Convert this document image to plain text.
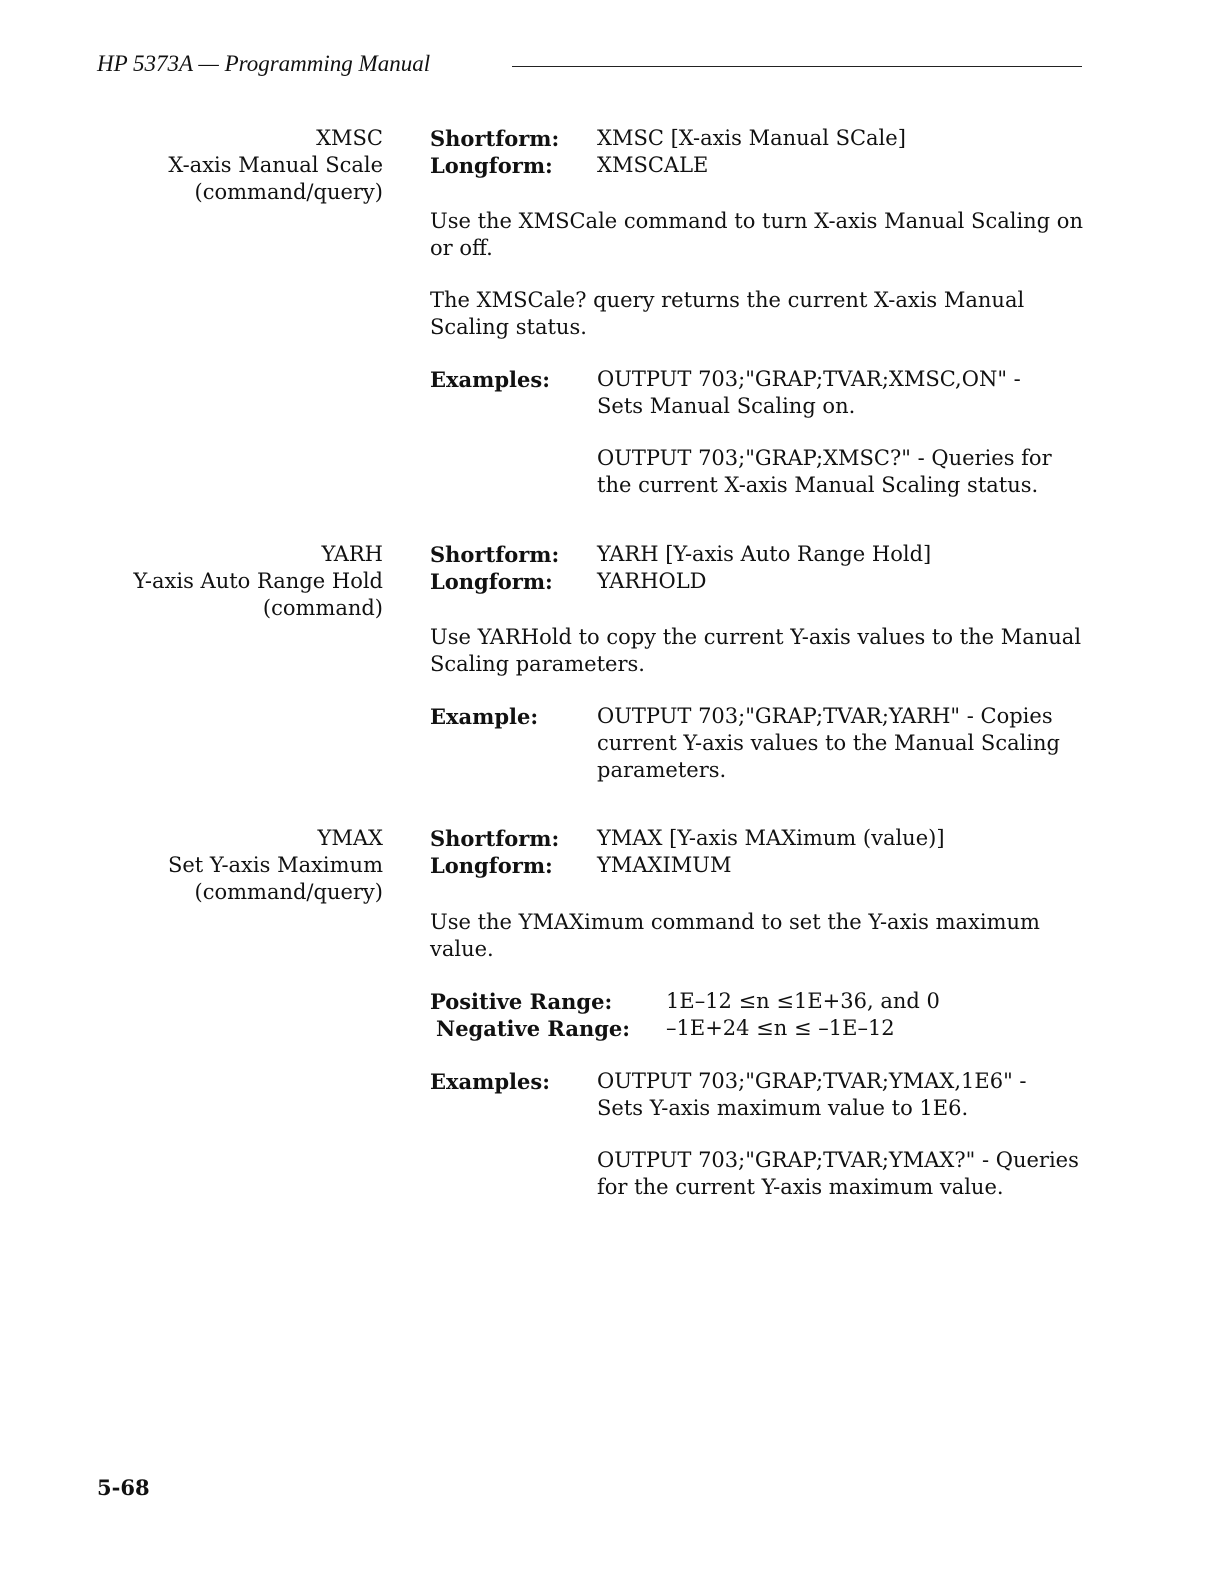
HP 5373A — Programming Manual
XMSC
X-axis Manual Scale
(command/query)
Shortform:	XMSC [X-axis Manual SCale]
Longform:	XMSCALE
Use the XMSCale command to turn X-axis Manual Scaling on or off.
The XMSCale? query returns the current X-axis Manual Scaling status.
Examples:	OUTPUT 703;"GRAP;TVAR;XMSC,ON" - Sets Manual Scaling on.
OUTPUT 703;"GRAP;XMSC?" - Queries for the current X-axis Manual Scaling status.
YARH
Y-axis Auto Range Hold
(command)
Shortform:	YARH [Y-axis Auto Range Hold]
Longform:	YARHOLD
Use YARHold to copy the current Y-axis values to the Manual Scaling parameters.
Example:	OUTPUT 703;"GRAP;TVAR;YARH" - Copies current Y-axis values to the Manual Scaling parameters.
YMAX
Set Y-axis Maximum
(command/query)
Shortform:	YMAX [Y-axis MAXimum (value)]
Longform:	YMAXIMUM
Use the YMAXimum command to set the Y-axis maximum value.
Positive Range:	1E–12 ≤n ≤1E+36, and 0
Negative Range:	–1E+24 ≤n ≤ –1E–12
Examples:	OUTPUT 703;"GRAP;TVAR;YMAX,1E6" - Sets Y-axis maximum value to 1E6.
OUTPUT 703;"GRAP;TVAR;YMAX?" - Queries for the current Y-axis maximum value.
5-68
